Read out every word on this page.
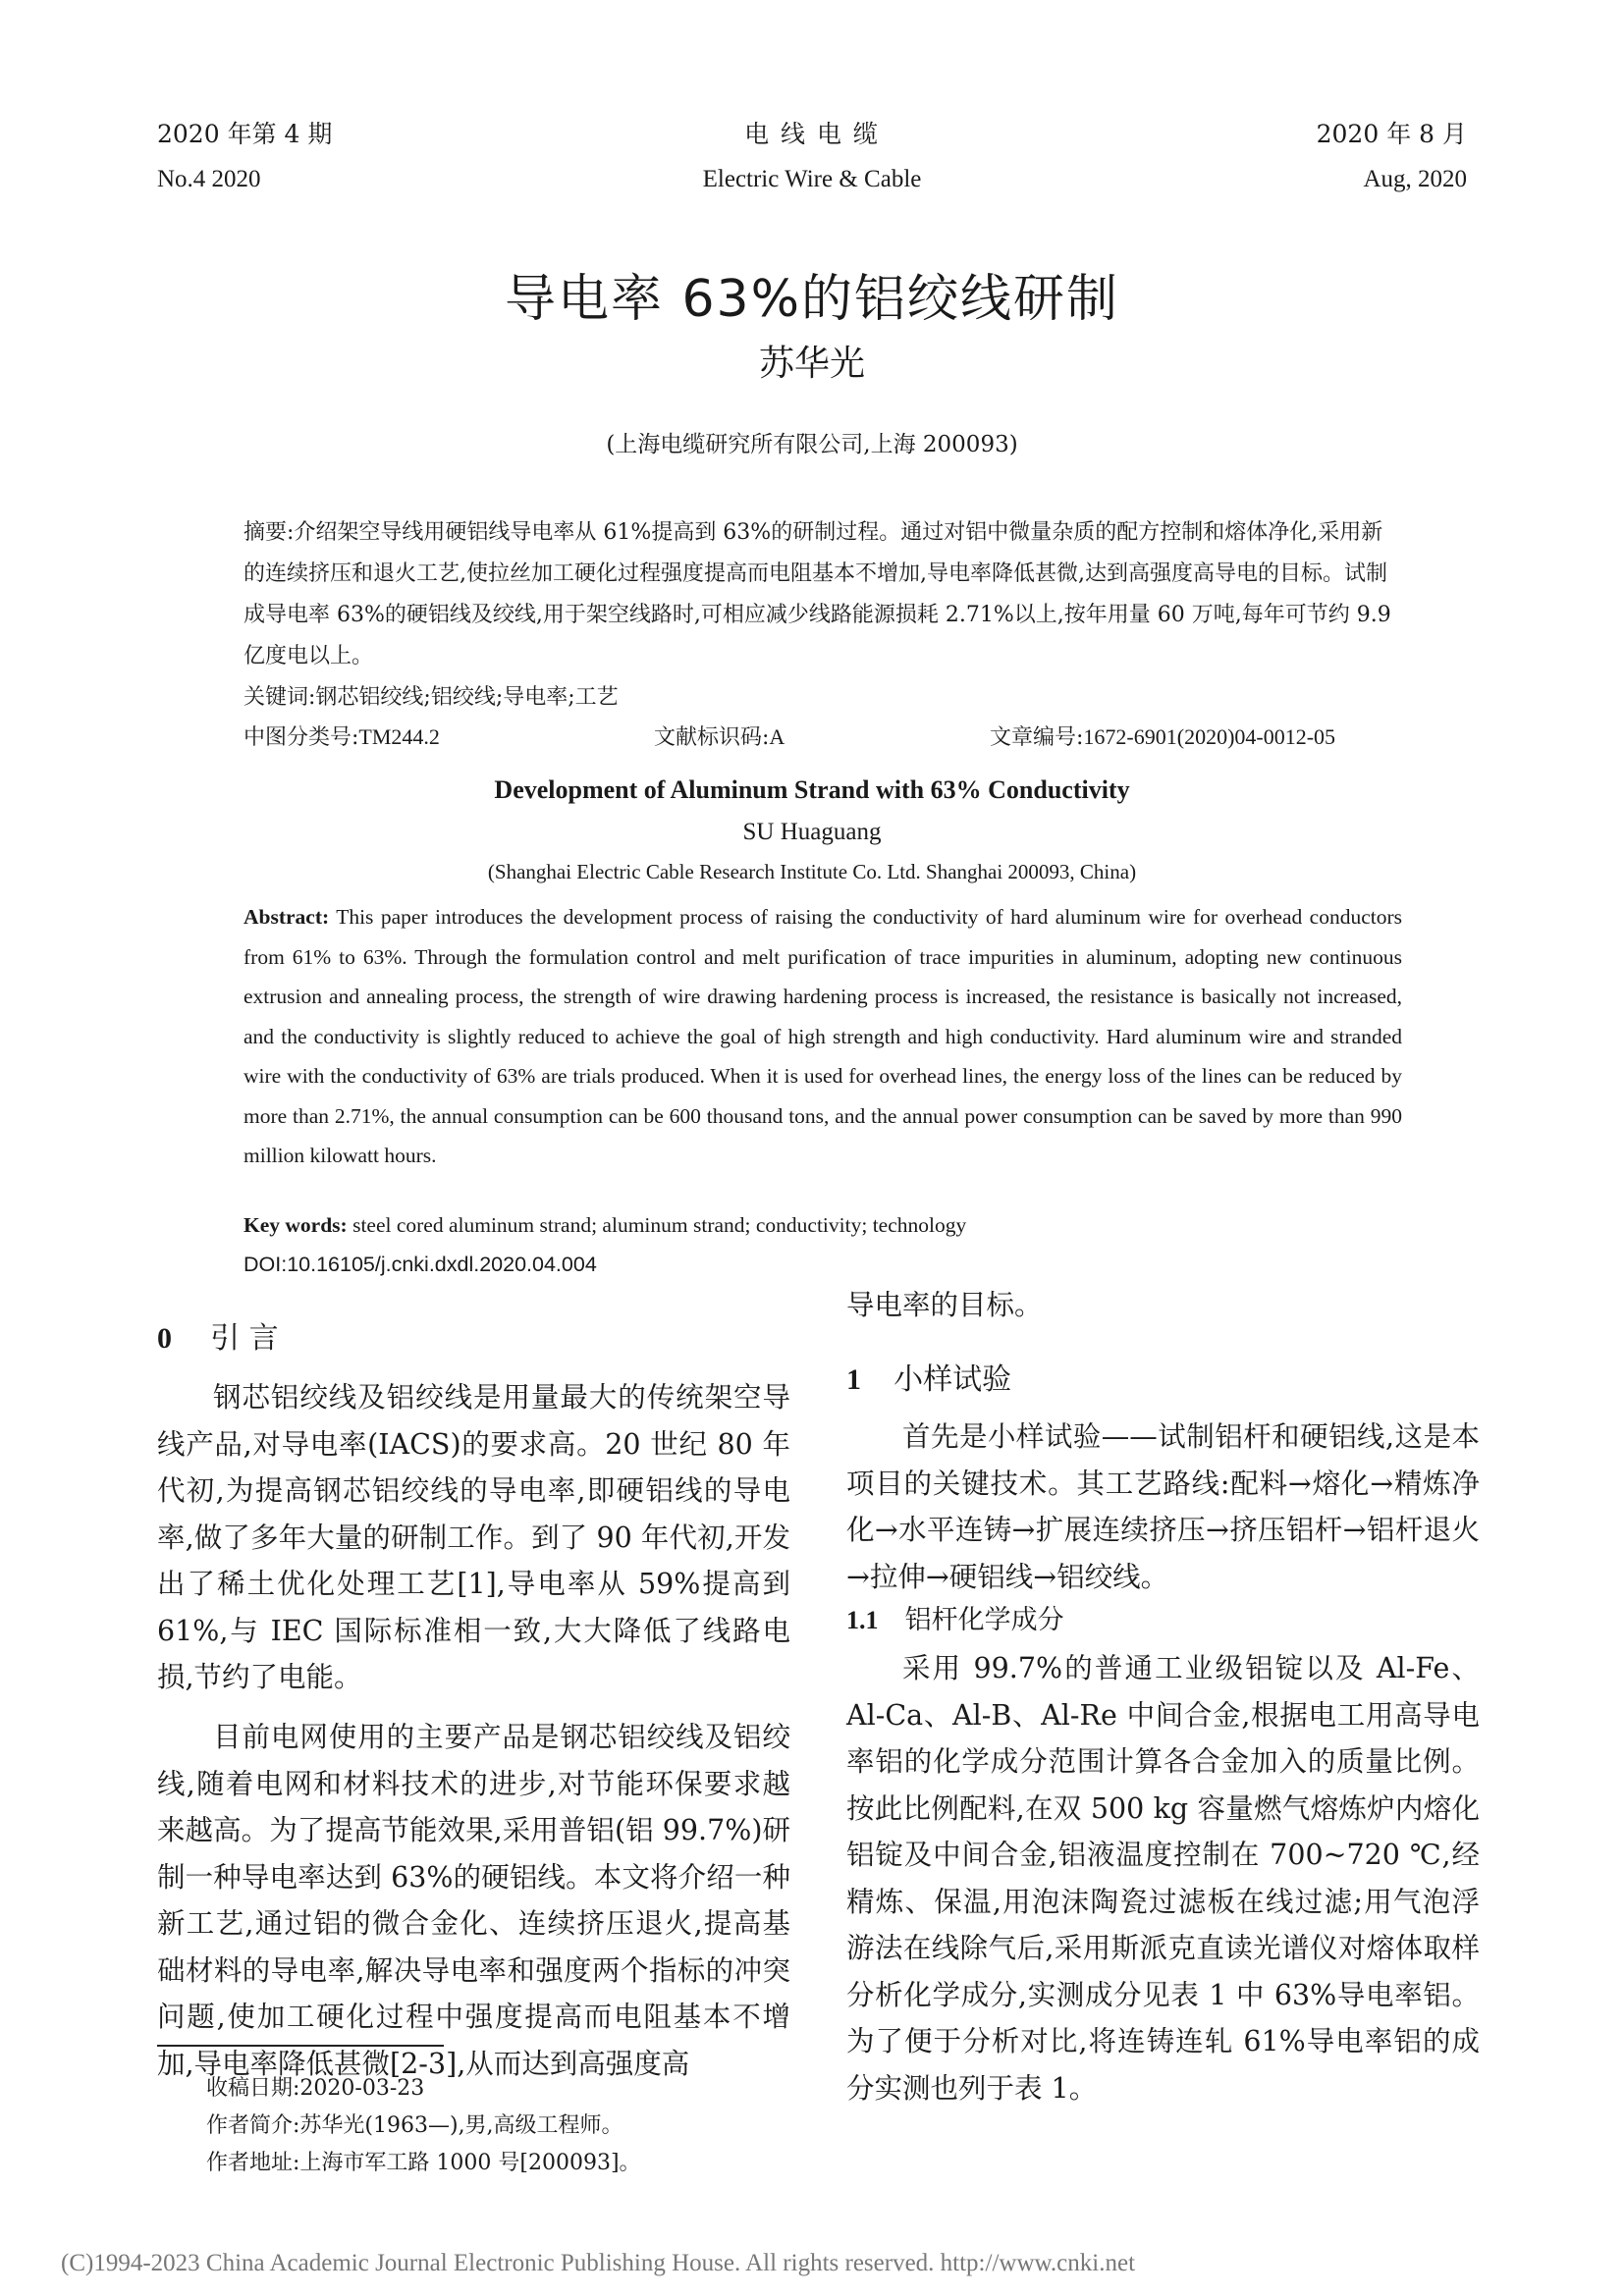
2020 年第 4 期
No.4 2020
电 线 电 缆
Electric Wire & Cable
2020 年 8 月
Aug, 2020
导电率 63%的铝绞线研制
苏华光
(上海电缆研究所有限公司,上海 200093)
摘要:介绍架空导线用硬铝线导电率从 61%提高到 63%的研制过程。通过对铝中微量杂质的配方控制和熔体净化,采用新的连续挤压和退火工艺,使拉丝加工硬化过程强度提高而电阻基本不增加,导电率降低甚微,达到高强度高导电的目标。试制成导电率 63%的硬铝线及绞线,用于架空线路时,可相应减少线路能源损耗 2.71%以上,按年用量 60 万吨,每年可节约 9.9 亿度电以上。
关键词:钢芯铝绞线;铝绞线;导电率;工艺
中图分类号:TM244.2	文献标识码:A	文章编号:1672-6901(2020)04-0012-05
Development of Aluminum Strand with 63% Conductivity
SU Huaguang
(Shanghai Electric Cable Research Institute Co. Ltd. Shanghai 200093, China)
Abstract: This paper introduces the development process of raising the conductivity of hard aluminum wire for overhead conductors from 61% to 63%. Through the formulation control and melt purification of trace impurities in aluminum, adopting new continuous extrusion and annealing process, the strength of wire drawing hardening process is increased, the resistance is basically not increased, and the conductivity is slightly reduced to achieve the goal of high strength and high conductivity. Hard aluminum wire and stranded wire with the conductivity of 63% are trials produced. When it is used for overhead lines, the energy loss of the lines can be reduced by more than 2.71%, the annual consumption can be 600 thousand tons, and the annual power consumption can be saved by more than 990 million kilowatt hours.
Key words: steel cored aluminum strand; aluminum strand; conductivity; technology
DOI:10.16105/j.cnki.dxdl.2020.04.004
0 引 言
钢芯铝绞线及铝绞线是用量最大的传统架空导线产品,对导电率(IACS)的要求高。20 世纪 80 年代初,为提高钢芯铝绞线的导电率,即硬铝线的导电率,做了多年大量的研制工作。到了 90 年代初,开发出了稀土优化处理工艺[1],导电率从 59%提高到 61%,与 IEC 国际标准相一致,大大降低了线路电损,节约了电能。
目前电网使用的主要产品是钢芯铝绞线及铝绞线,随着电网和材料技术的进步,对节能环保要求越来越高。为了提高节能效果,采用普铝(铝 99.7%)研制一种导电率达到 63%的硬铝线。本文将介绍一种新工艺,通过铝的微合金化、连续挤压退火,提高基础材料的导电率,解决导电率和强度两个指标的冲突问题,使加工硬化过程中强度提高而电阻基本不增加,导电率降低甚微[2-3],从而达到高强度高
导电率的目标。
1 小样试验
首先是小样试验——试制铝杆和硬铝线,这是本项目的关键技术。其工艺路线:配料→熔化→精炼净化→水平连铸→扩展连续挤压→挤压铝杆→铝杆退火→拉伸→硬铝线→铝绞线。
1.1 铝杆化学成分
采用 99.7%的普通工业级铝锭以及 Al-Fe、Al-Ca、Al-B、Al-Re 中间合金,根据电工用高导电率铝的化学成分范围计算各合金加入的质量比例。按此比例配料,在双 500 kg 容量燃气熔炼炉内熔化铝锭及中间合金,铝液温度控制在 700~720 ℃,经精炼、保温,用泡沫陶瓷过滤板在线过滤;用气泡浮游法在线除气后,采用斯派克直读光谱仪对熔体取样分析化学成分,实测成分见表 1 中 63%导电率铝。为了便于分析对比,将连铸连轧 61%导电率铝的成分实测也列于表 1。
收稿日期:2020-03-23
作者简介:苏华光(1963—),男,高级工程师。
作者地址:上海市军工路 1000 号[200093]。
(C)1994-2023 China Academic Journal Electronic Publishing House. All rights reserved. http://www.cnki.net
